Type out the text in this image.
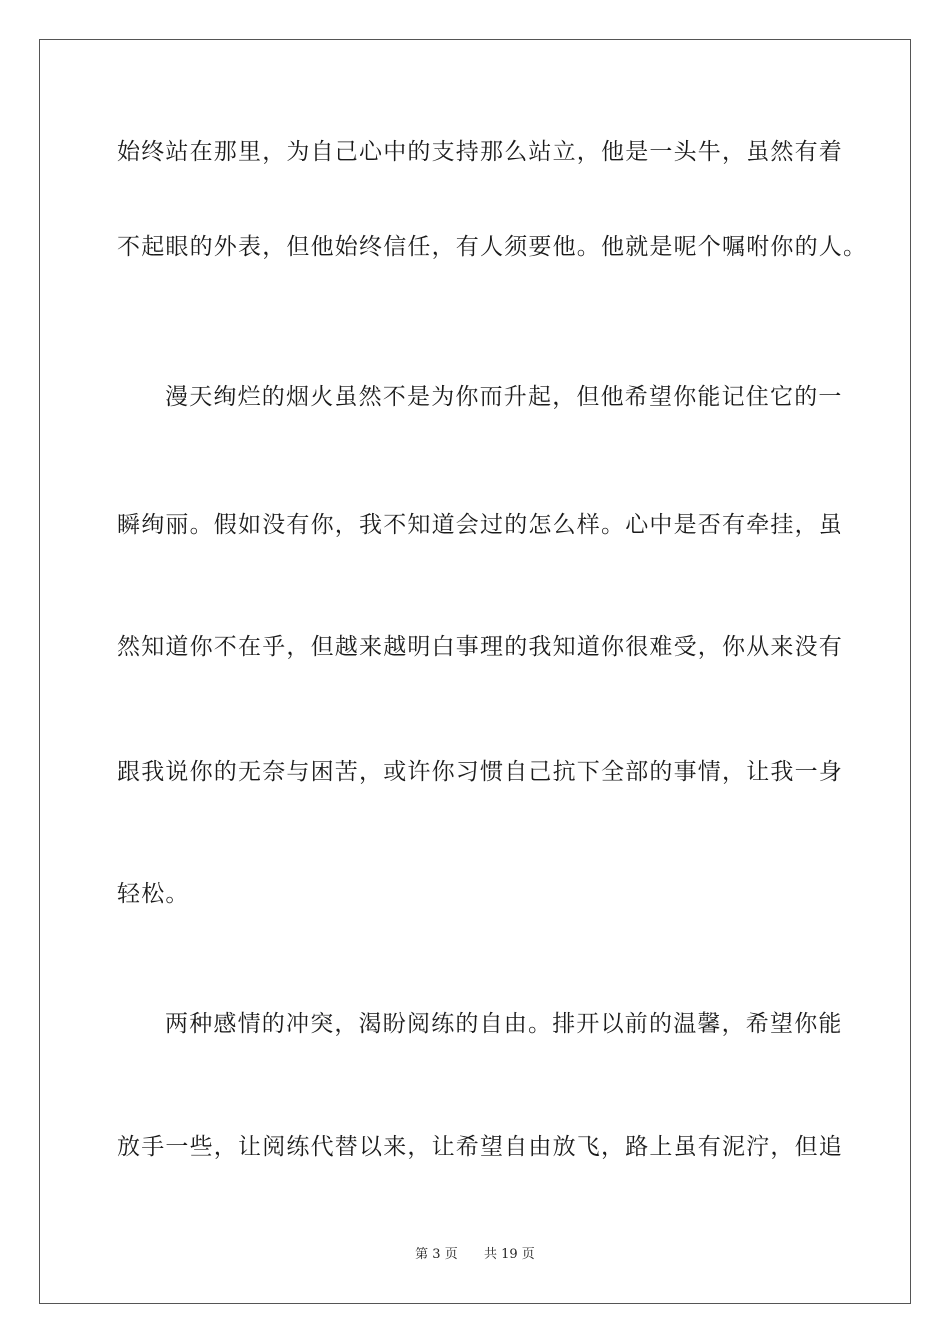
始终站在那里，为自己心中的支持那么站立，他是一头牛，虽然有着
不起眼的外表，但他始终信任，有人须要他。他就是呢个嘱咐你的人。
漫天绚烂的烟火虽然不是为你而升起，但他希望你能记住它的一
瞬绚丽。假如没有你，我不知道会过的怎么样。心中是否有牵挂，虽
然知道你不在乎，但越来越明白事理的我知道你很难受，你从来没有
跟我说你的无奈与困苦，或许你习惯自己抗下全部的事情，让我一身
轻松。
两种感情的冲突，渴盼阅练的自由。排开以前的温馨，希望你能
放手一些，让阅练代替以来，让希望自由放飞，路上虽有泥泞，但追
第 3 页 共 19 页
